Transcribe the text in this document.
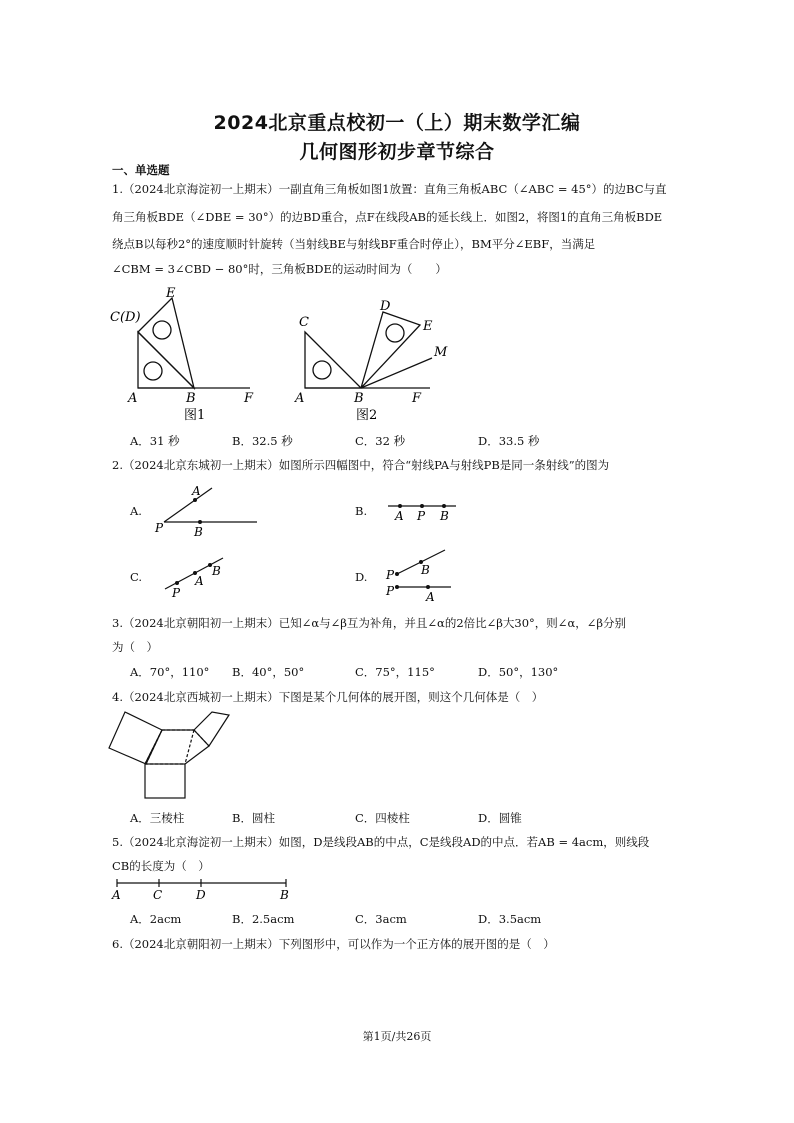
2024北京重点校初一（上）期末数学汇编
几何图形初步章节综合
一、单选题
1.（2024北京海淀初一上期末）一副直角三角板如图1放置：直角三角板ABC（∠ABC = 45°）的边BC与直
角三角板BDE（∠DBE = 30°）的边BD重合，点F在线段AB的延长线上．如图2，将图1的直角三角板BDE
绕点B以每秒2°的速度顺时针旋转（当射线BE与射线BF重合时停止），BM平分∠EBF，当满足
∠CBM = 3∠CBD − 80°时，三角板BDE的运动时间为（　　）
E
C(D)
A	B	F
图1
C
D
E
M
A	B	F
图2
A．31 秒	B．32.5 秒	C．32 秒	D．33.5 秒
2.（2024北京东城初一上期末）如图所示四幅图中，符合“射线PA与射线PB是同一条射线”的图为
A.
A
P	B
B. A P B
C.
P
A
B	D. P B
P	A
3.（2024北京朝阳初一上期末）已知∠α与∠β互为补角，并且∠α的2倍比∠β大30°，则∠α，∠β分别
为（　）
A．70°，110° B．40°，50°	C．75°，115°	D．50°，130°
4.（2024北京西城初一上期末）下图是某个几何体的展开图，则这个几何体是（　）
A．三棱柱	B．圆柱	C．四棱柱	D．圆锥
5.（2024北京海淀初一上期末）如图，D是线段AB的中点，C是线段AD的中点．若AB = 4acm，则线段
CB的长度为（　）
A	C	D	B
A．2acm	B．2.5acm	C．3acm	D．3.5acm
6.（2024北京朝阳初一上期末）下列图形中，可以作为一个正方体的展开图的是（　）
第1页/共26页
